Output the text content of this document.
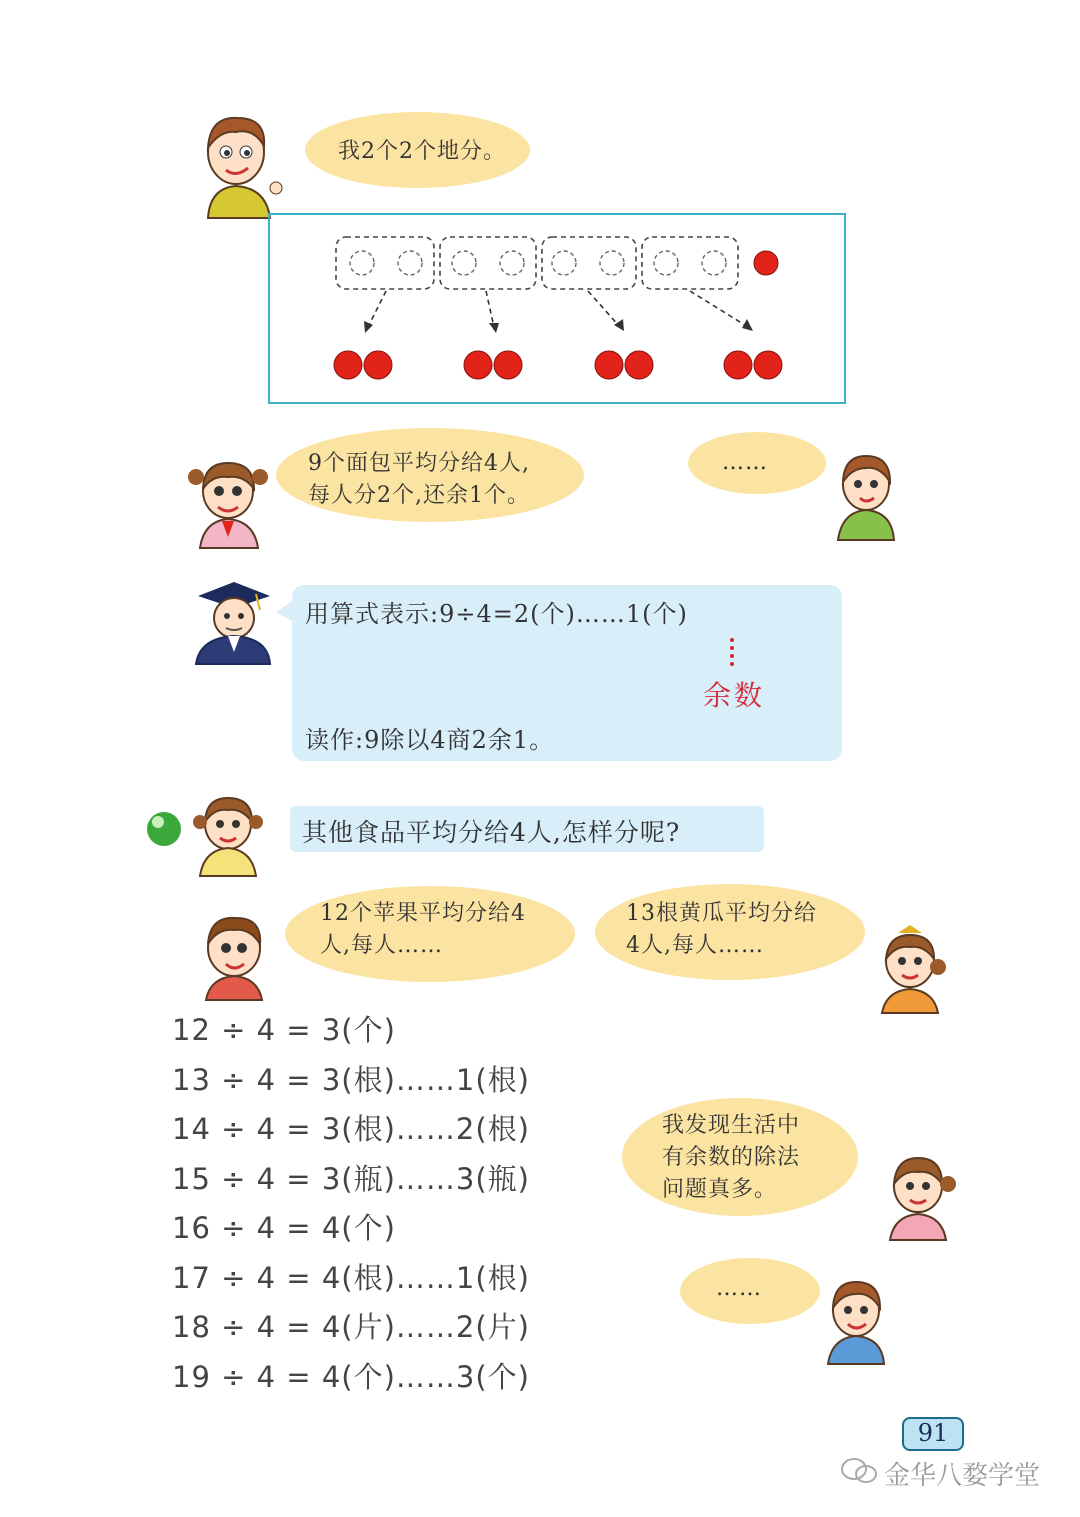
我2个2个地分。
9个面包平均分给4人,
每人分2个,还余1个。
……
用算式表示:9÷4=2(个)……1(个)
余数
读作:9除以4商2余1。
其他食品平均分给4人,怎样分呢?
12个苹果平均分给4
人,每人……
13根黄瓜平均分给
4人,每人……
12 ÷ 4 = 3(个)
13 ÷ 4 = 3(根)……1(根)
14 ÷ 4 = 3(根)……2(根)
15 ÷ 4 = 3(瓶)……3(瓶)
16 ÷ 4 = 4(个)
17 ÷ 4 = 4(根)……1(根)
18 ÷ 4 = 4(片)……2(片)
19 ÷ 4 = 4(个)……3(个)
我发现生活中
有余数的除法
问题真多。
……
91
金华八婺学堂
